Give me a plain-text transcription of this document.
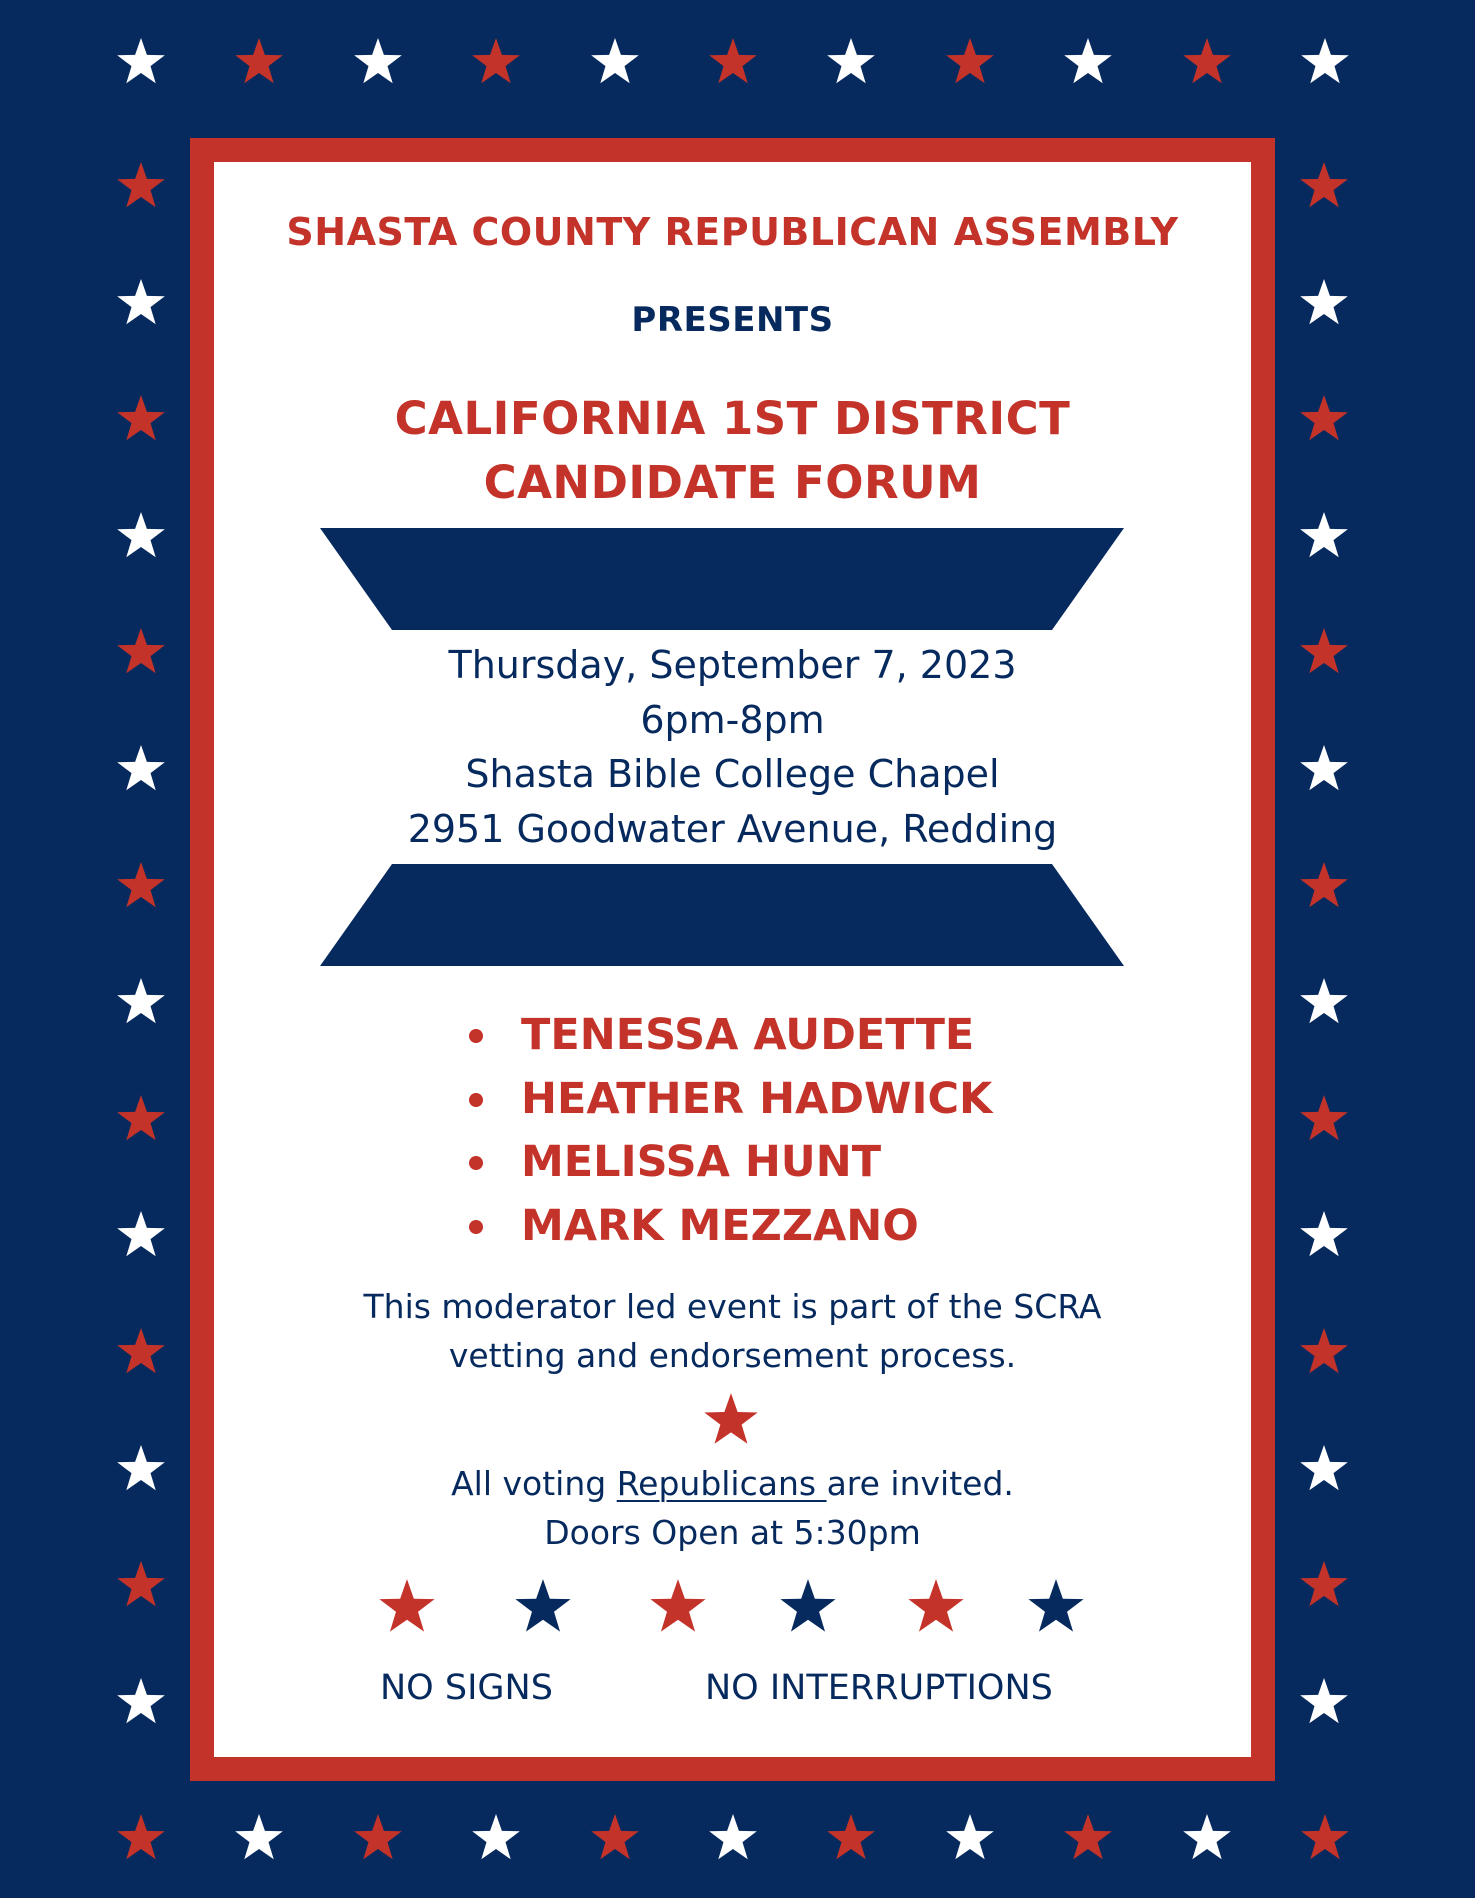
SHASTA COUNTY REPUBLICAN ASSEMBLY
PRESENTS
CALIFORNIA 1ST DISTRICT
CANDIDATE FORUM
Thursday, September 7, 2023
6pm-8pm
Shasta Bible College Chapel
2951 Goodwater Avenue, Redding
TENESSA AUDETTE
HEATHER HADWICK
MELISSA HUNT
MARK MEZZANO
This moderator led event is part of the SCRA
vetting and endorsement process.
All voting Republicans are invited.
Doors Open at 5:30pm

NO SIGNS	NO INTERRUPTIONS
